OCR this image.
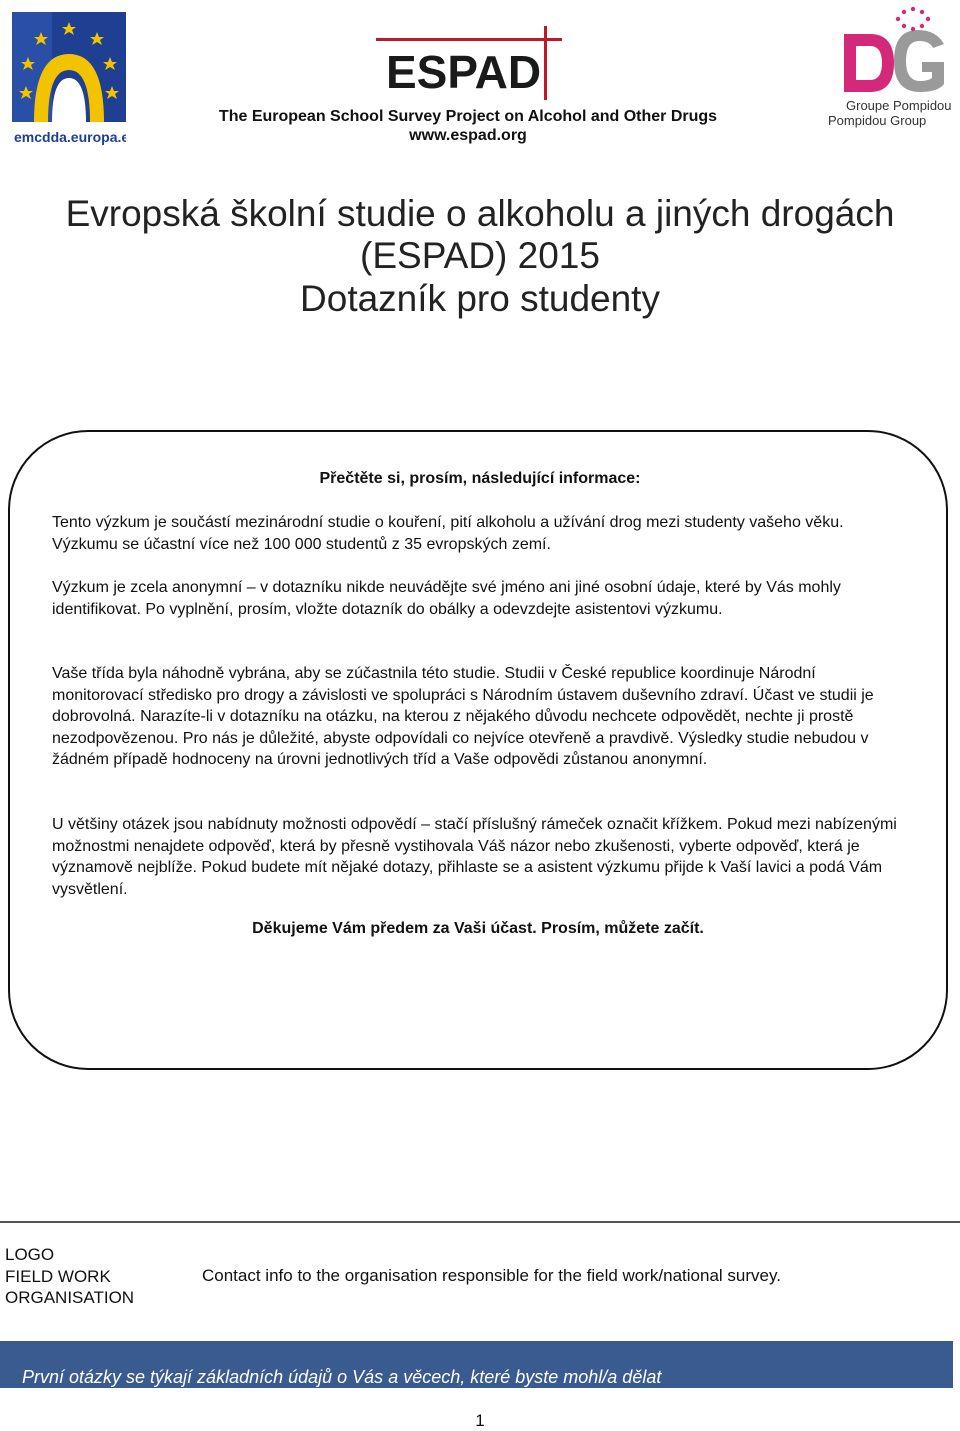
emcdda.europa.eu
ESPAD
Groupe Pompidou
Pompidou Group
The European School Survey Project on Alcohol and Other Drugs
www.espad.org
Evropská školní studie o alkoholu a jiných drogách
(ESPAD) 2015
Dotazník pro studenty
Přečtěte si, prosím, následující informace:
Tento výzkum je součástí mezinárodní studie o kouření, pití alkoholu a užívání drog mezi studenty vašeho věku. Výzkumu se účastní více než 100 000 studentů z 35 evropských zemí.
Výzkum je zcela anonymní – v dotazníku nikde neuvádějte své jméno ani jiné osobní údaje, které by Vás mohly identifikovat. Po vyplnění, prosím, vložte dotazník do obálky a odevzdejte asistentovi výzkumu.
Vaše třída byla náhodně vybrána, aby se zúčastnila této studie. Studii v České republice koordinuje Národní monitorovací středisko pro drogy a závislosti ve spolupráci s Národním ústavem duševního zdraví. Účast ve studii je dobrovolná. Narazíte-li v dotazníku na otázku, na kterou z nějakého důvodu nechcete odpovědět, nechte ji prostě nezodpovězenou. Pro nás je důležité, abyste odpovídali co nejvíce otevřeně a pravdivě. Výsledky studie nebudou v žádném případě hodnoceny na úrovni jednotlivých tříd a Vaše odpovědi zůstanou anonymní.
U většiny otázek jsou nabídnuty možnosti odpovědí – stačí příslušný rámeček označit křížkem. Pokud mezi nabízenými možnostmi nenajdete odpověď, která by přesně vystihovala Váš názor nebo zkušenosti, vyberte odpověď, která je významově nejblíže. Pokud budete mít nějaké dotazy, přihlaste se a asistent výzkumu přijde k Vaší lavici a podá Vám vysvětlení.
Děkujeme Vám předem za Vaši účast. Prosím, můžete začít.
LOGO
FIELD WORK
ORGANISATION
Contact info to the organisation responsible for the field work/national survey.
První otázky se týkají základních údajů o Vás a věcech, které byste mohl/a dělat
1
